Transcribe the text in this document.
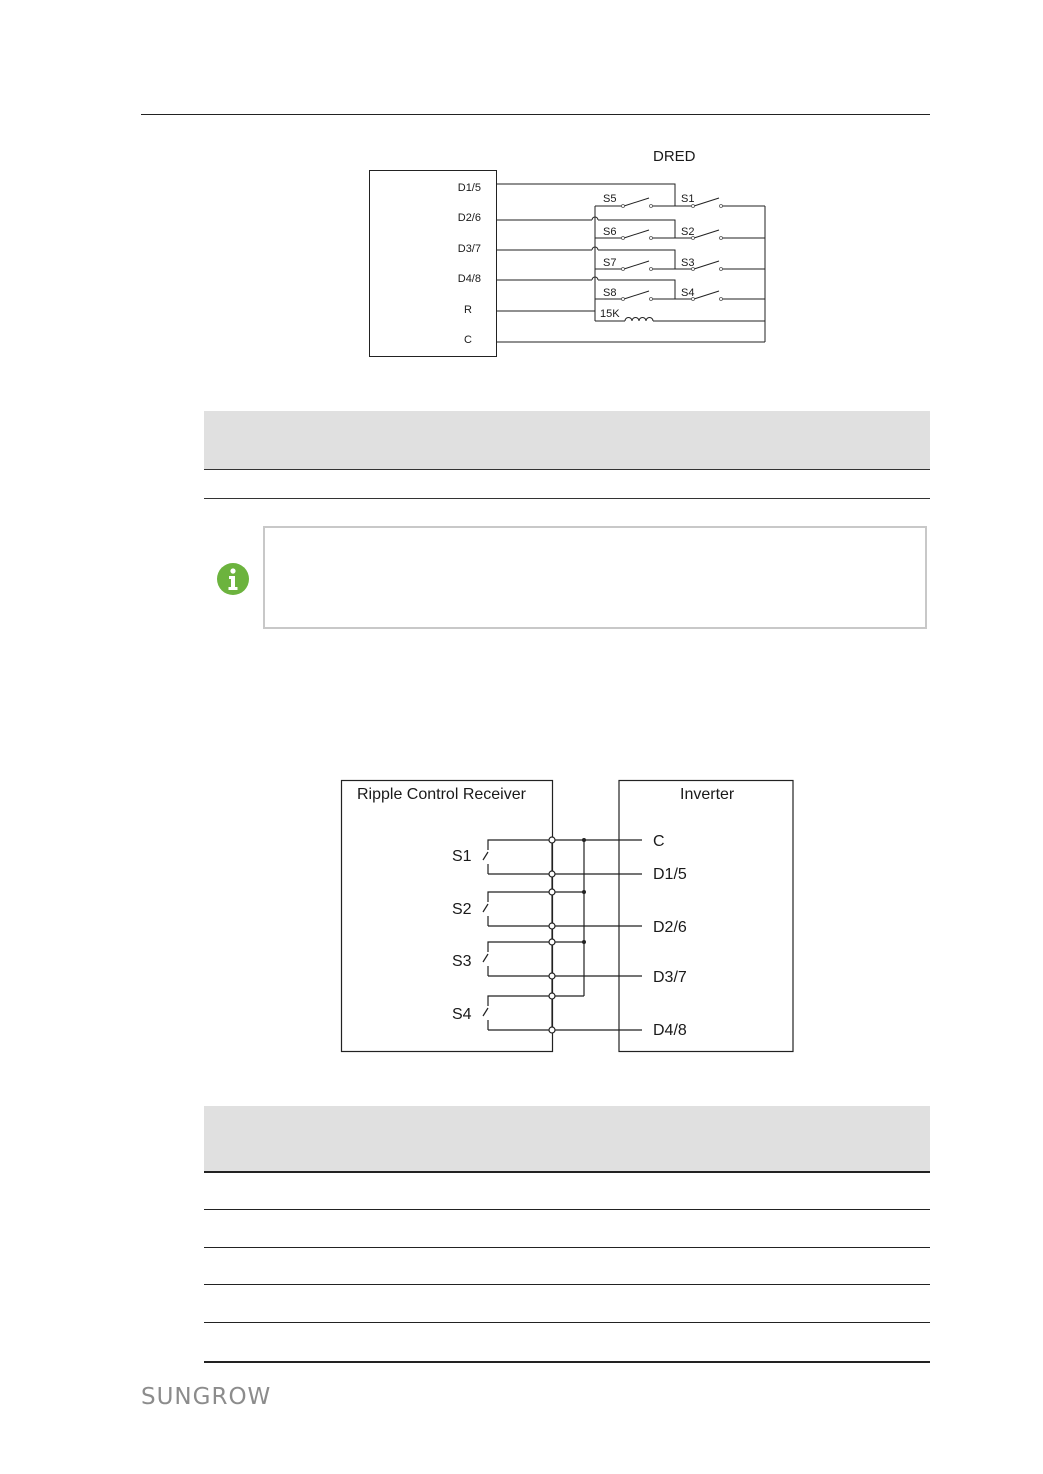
DRED
D1/5
D2/6
D3/7
D4/8
R
C
S5
S6
S7
S8
S1
S2
S3
S4
15K
Ripple Control Receiver	Inverter
S1
S2
S3
S4
C
D1/5
D2/6
D3/7
D4/8
SUNGROW
